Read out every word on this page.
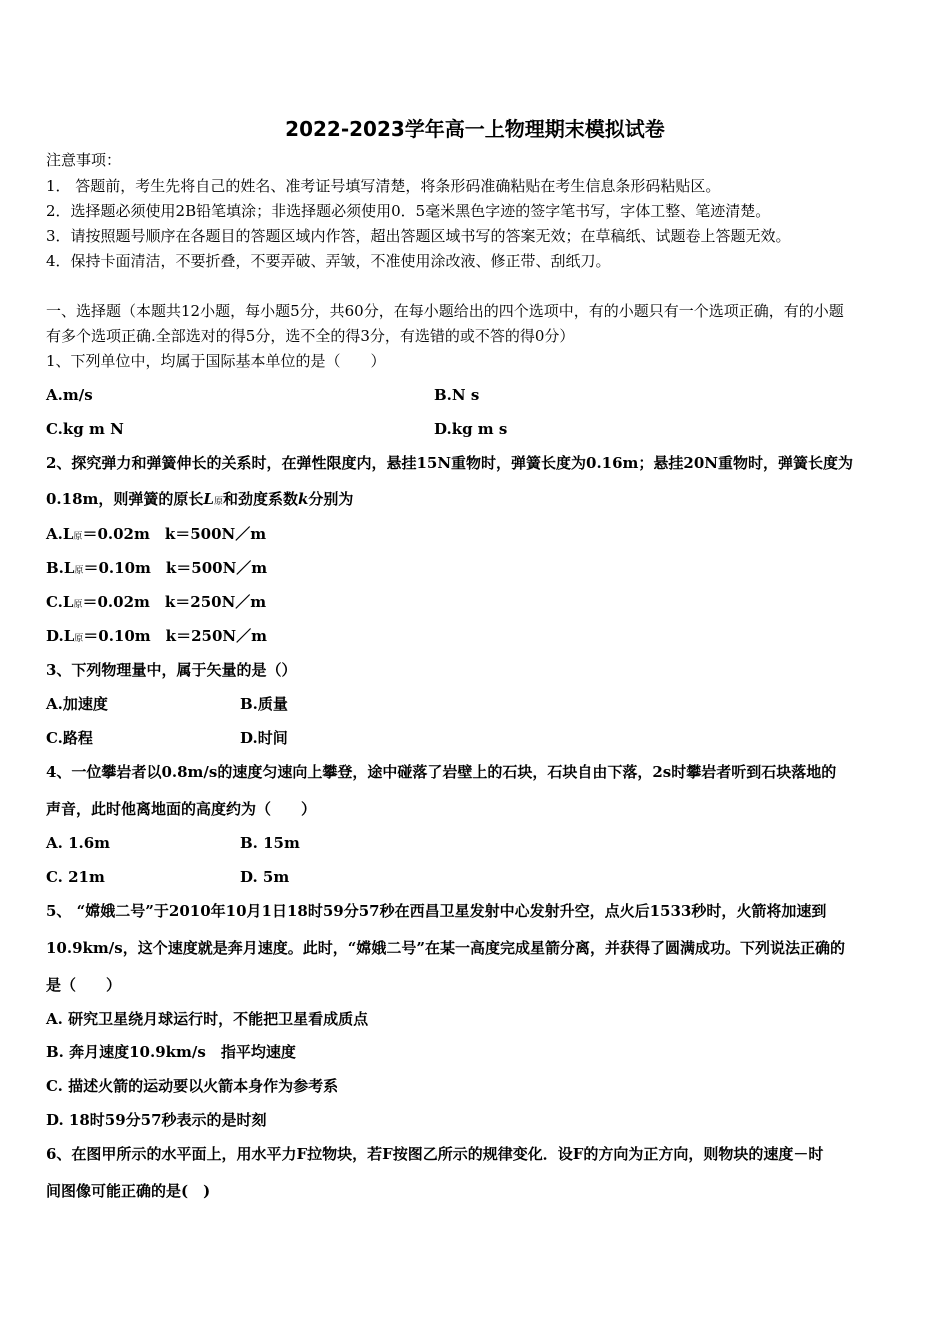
2022-2023学年高一上物理期末模拟试卷
注意事项：
1． 答题前，考生先将自己的姓名、准考证号填写清楚，将条形码准确粘贴在考生信息条形码粘贴区。
2．选择题必须使用2B铅笔填涂；非选择题必须使用0．5毫米黑色字迹的签字笔书写，字体工整、笔迹清楚。
3．请按照题号顺序在各题目的答题区域内作答，超出答题区域书写的答案无效；在草稿纸、试题卷上答题无效。
4．保持卡面清洁，不要折叠，不要弄破、弄皱，不准使用涂改液、修正带、刮纸刀。
一、选择题（本题共12小题，每小题5分，共60分，在每小题给出的四个选项中，有的小题只有一个选项正确，有的小题
有多个选项正确.全部选对的得5分，选不全的得3分，有选错的或不答的得0分）
1、下列单位中，均属于国际基本单位的是（　　）
A.m/s	B.N s
C.kg m N	D.kg m s
2、探究弹力和弹簧伸长的关系时，在弹性限度内，悬挂15N重物时，弹簧长度为0.16m；悬挂20N重物时，弹簧长度为
0.18m，则弹簧的原长L原和劲度系数k分别为
A.L原＝0.02m　k＝500N／m
B.L原＝0.10m　k＝500N／m
C.L原＝0.02m　k＝250N／m
D.L原＝0.10m　k＝250N／m
3、下列物理量中，属于矢量的是（）
A.加速度	B.质量
C.路程	D.时间
4、一位攀岩者以0.8m/s的速度匀速向上攀登，途中碰落了岩壁上的石块，石块自由下落，2s时攀岩者听到石块落地的
声音，此时他离地面的高度约为（　　）
A. 1.6m	B. 15m
C. 21m	D. 5m
5、 “嫦娥二号”于2010年10月1日18时59分57秒在西昌卫星发射中心发射升空，点火后1533秒时，火箭将加速到
10.9km/s，这个速度就是奔月速度。此时，“嫦娥二号”在某一高度完成星箭分离，并获得了圆满成功。下列说法正确的
是（　　）
A. 研究卫星绕月球运行时，不能把卫星看成质点
B. 奔月速度10.9km/s　指平均速度
C. 描述火箭的运动要以火箭本身作为参考系
D. 18时59分57秒表示的是时刻
6、在图甲所示的水平面上，用水平力F拉物块，若F按图乙所示的规律变化．设F的方向为正方向，则物块的速度－时
间图像可能正确的是(　)
